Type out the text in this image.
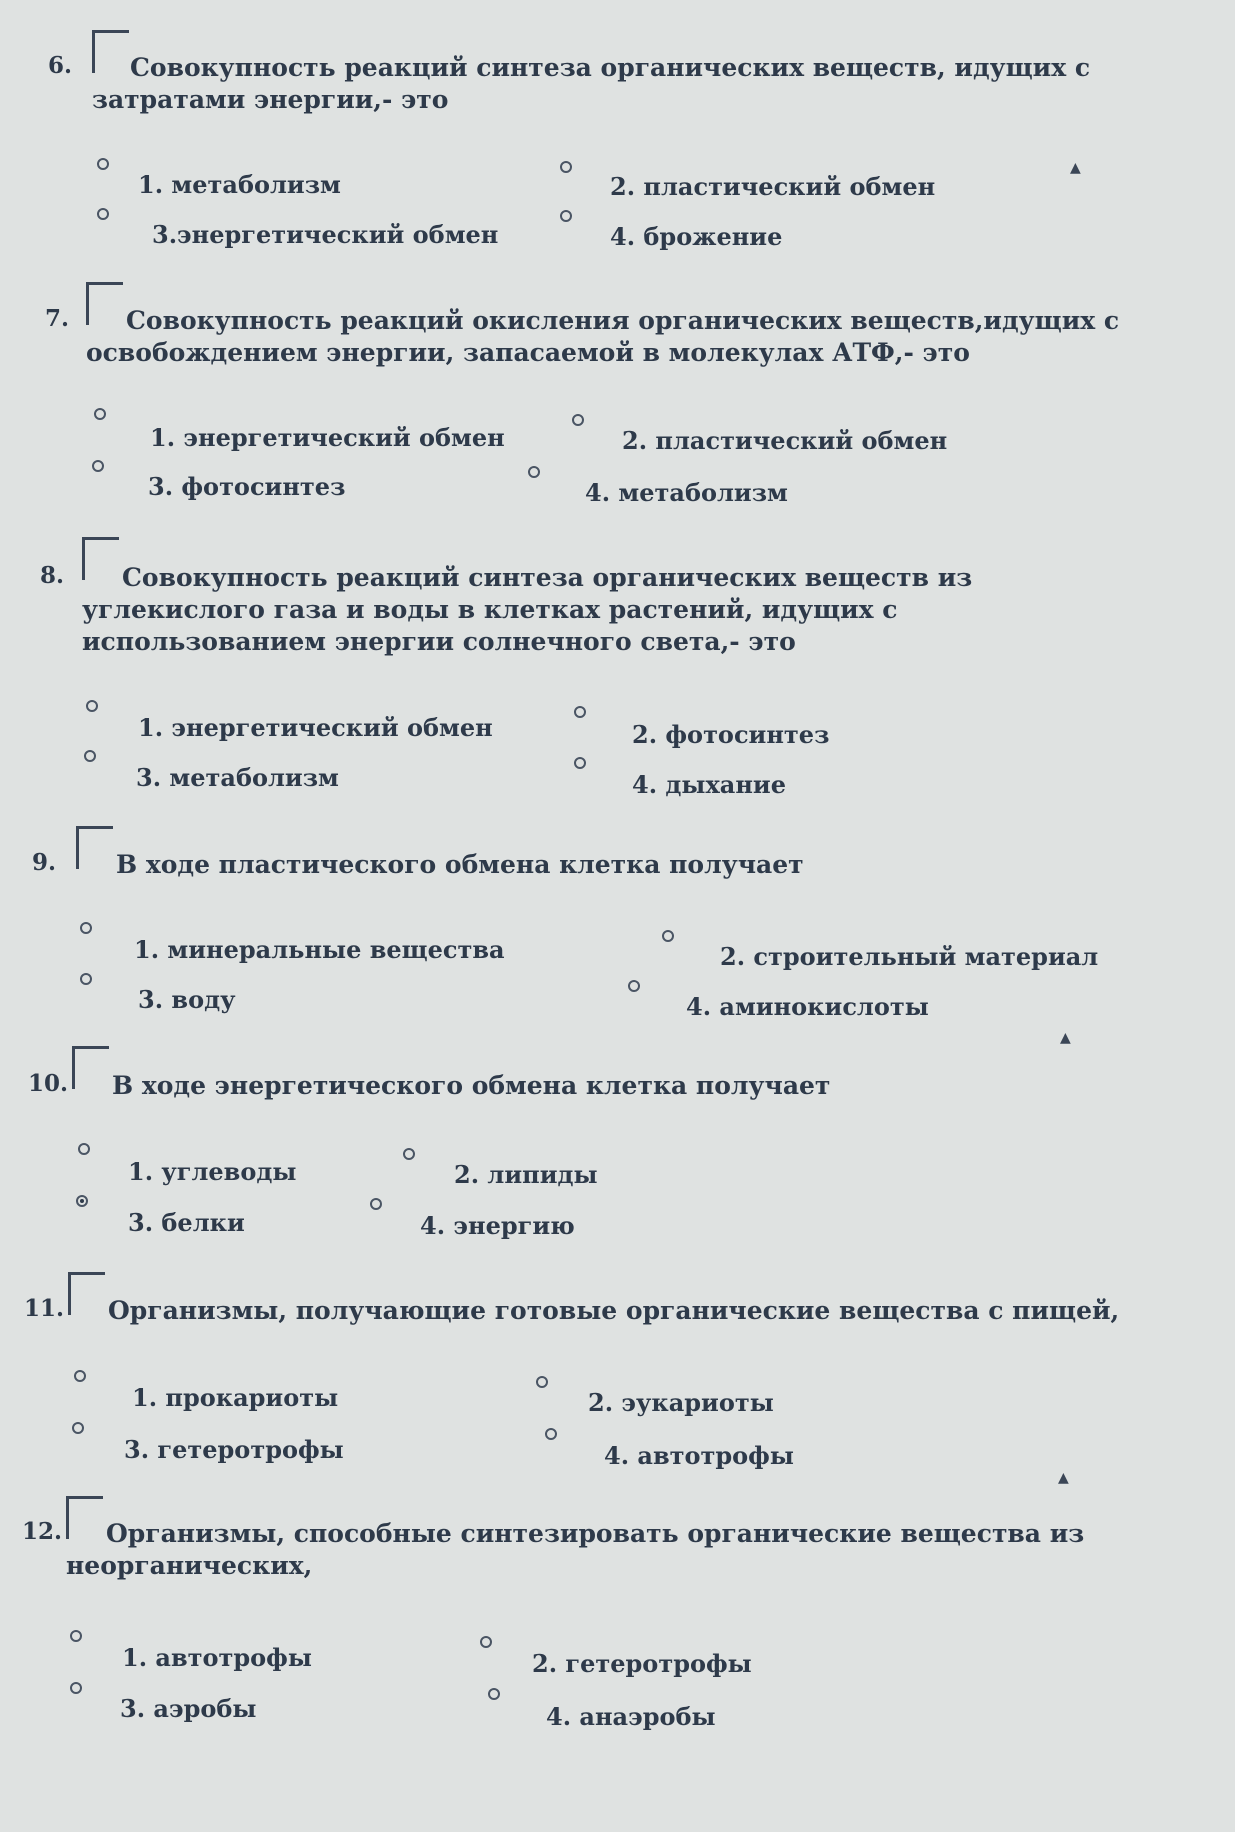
6.	Совокупность реакций синтеза органических веществ, идущих с затратами энергии,- это
1. метаболизм	2. пластический обмен
3.энергетический обмен	4. брожение
▲
7.	Совокупность реакций окисления органических веществ,идущих с освобождением энергии, запасаемой в молекулах АТФ,- это
1. энергетический обмен	2. пластический обмен
3. фотосинтез	4. метаболизм
8.	Совокупность реакций синтеза органических веществ из углекислого газа и воды в клетках растений, идущих с использованием энергии солнечного света,- это
1. энергетический обмен	2. фотосинтез
3. метаболизм	4. дыхание
9.	В ходе пластического обмена клетка получает
1. минеральные вещества	2. строительный материал
3. воду	4. аминокислоты
▲
10.	В ходе энергетического обмена клетка получает
1. углеводы	2. липиды
3. белки	4. энергию
11.	Организмы, получающие готовые органические вещества с пищей,
1. прокариоты	2. эукариоты
3. гетеротрофы	4. автотрофы
▲
12.	Организмы, способные синтезировать органические вещества из неорганических,
1. автотрофы	2. гетеротрофы
3. аэробы	4. анаэробы
